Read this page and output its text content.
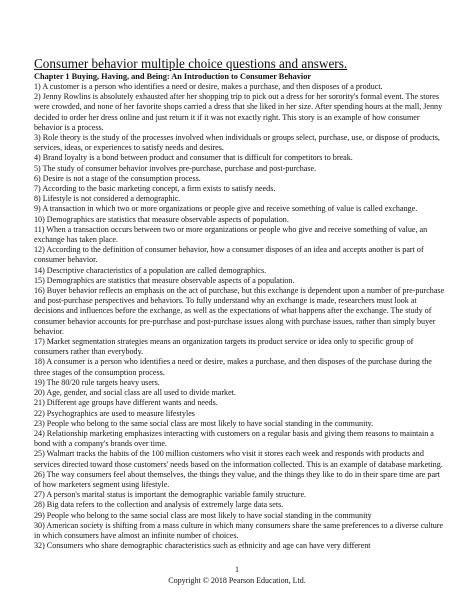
Consumer behavior multiple choice questions and answers.
Chapter 1 Buying, Having, and Being: An Introduction to Consumer Behavior

1) A customer is a person who identifies a need or desire, makes a purchase, and then disposes of a product.

2) Jenny Rowlins is absolutely exhausted after her shopping trip to pick out a dress for her sorority's formal event. The stores were crowded, and none of her favorite shops carried a dress that she liked in her size. After spending hours at the mall, Jenny decided to order her dress online and just return it if it was not exactly right. This story is an example of how consumer behavior is a process.

3) Role theory is the study of the processes involved when individuals or groups select, purchase, use, or dispose of products, services, ideas, or experiences to satisfy needs and desires.

4) Brand loyalty is a bond between product and consumer that is difficult for competitors to break.

5) The study of consumer behavior involves pre-purchase, purchase and post-purchase.

6) Desire is not a stage of the consumption process.

7) According to the basic marketing concept, a firm exists to satisfy needs.

8) Lifestyle is not considered a demographic.

9) A transaction in which two or more organizations or people give and receive something of value is called exchange.

10) Demographics are statistics that measure observable aspects of population.

11) When a transaction occurs between two or more organizations or people who give and receive something of value, an exchange has taken place.

12) According to the definition of consumer behavior, how a consumer disposes of an idea and accepts another is part of consumer behavior.

14) Descriptive characteristics of a population are called demographics.

15) Demographics are statistics that measure observable aspects of a population.

16) Buyer behavior reflects an emphasis on the act of purchase, but this exchange is dependent upon a number of pre-purchase and post-purchase perspectives and behaviors. To fully understand why an exchange is made, researchers must look at decisions and influences before the exchange, as well as the expectations of what happens after the exchange. The study of consumer behavior accounts for pre-purchase and post-purchase issues along with purchase issues, rather than simply buyer behavior.

17) Market segmentation strategies means an organization targets its product service or idea only to specific group of consumers rather than everybody.

18) A consumer is a person who identifies a need or desire, makes a purchase, and then disposes of the purchase during the three stages of the consumption process.

19) The 80/20 rule targets heavy users.

20) Age, gender, and social class are all used to divide market.

21) Different age groups have different wants and needs.

22) Psychographics are used to measure lifestyles

23) People who belong to the same social class are most likely to have social standing in the community.

24) Relationship marketing emphasizes interacting with customers on a regular basis and giving them reasons to maintain a bond with a company's brands over time.

25) Walmart tracks the habits of the 100 million customers who visit it stores each week and responds with products and services directed toward those customers' needs based on the information collected. This is an example of database marketing.

26) The way consumers feel about themselves, the things they value, and the things they like to do in their spare time are part of how marketers segment using lifestyle.

27) A person's marital status is important the demographic variable family structure.

28) Big data refers to the collection and analysis of extremely large data sets.

29) People who belong to the same social class are most likely to have social standing in the community

30) American society is shifting from a mass culture in which many consumers share the same preferences to a diverse culture in which consumers have almost an infinite number of choices.

32) Consumers who share demographic characteristics such as ethnicity and age can have very different

1
Copyright © 2018 Pearson Education, Ltd.
